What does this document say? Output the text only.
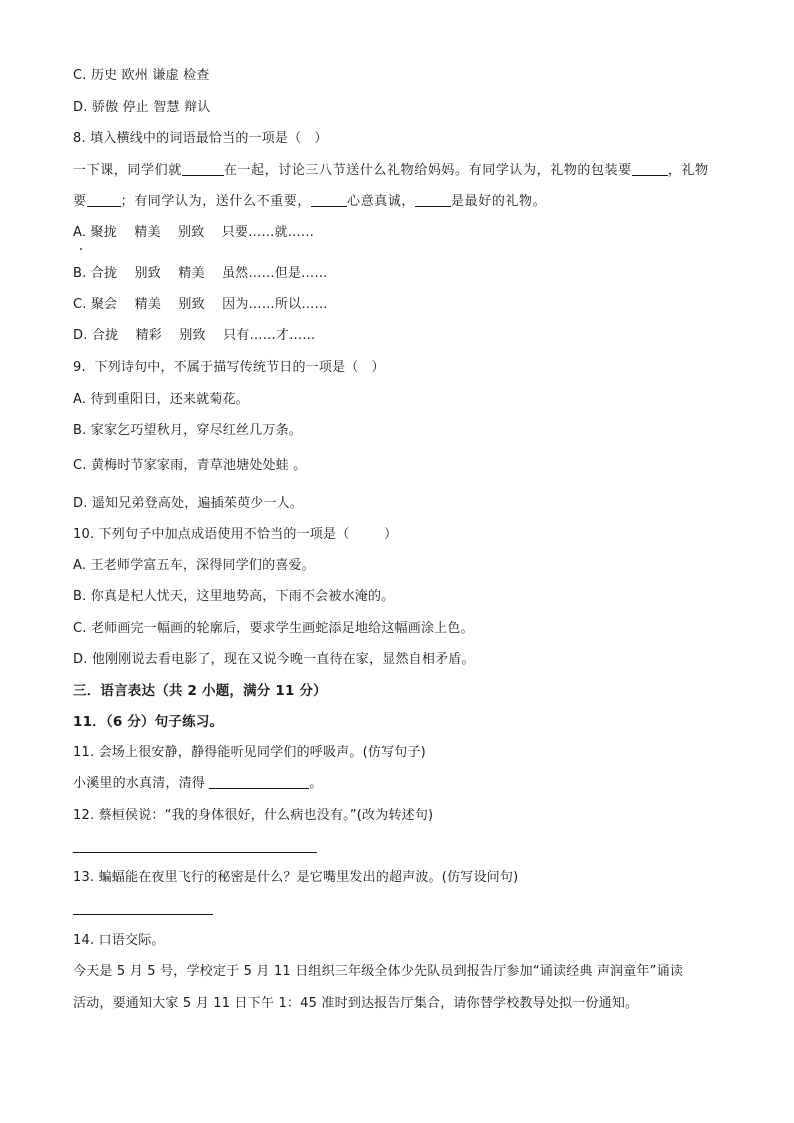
C. 历史 欧州 谦虚 检查
D. 骄傲 停止 智慧 辩认
8. 填入横线中的词语最恰当的一项是（   ）
一下课，同学们就	在一起，讨论三八节送什么礼物给妈妈。有同学认为，礼物的包装要	，礼物
要	；有同学认为，送什么不重要，	心意真诚，	是最好的礼物。
A. 聚拢    精美    别致    只要……就……
B. 合拢    别致    精美    虽然……但是……
C. 聚会    精美    别致    因为……所以……
D. 合拢    精彩    别致    只有……才……
9.  下列诗句中，不属于描写传统节日的一项是（   ）
A. 待到重阳日，还来就菊花。
B. 家家乞巧望秋月，穿尽红丝几万条。
C. 黄梅时节家家雨，青草池塘处处蛙 。
D. 遥知兄弟登高处，遍插茱萸少一人。
10. 下列句子中加点成语使用不恰当的一项是（        ）
A. 王老师学富五车，深得同学们的喜爱。
B. 你真是杞人忧天，这里地势高，下雨不会被水淹的。
C. 老师画完一幅画的轮廓后，要求学生画蛇添足地给这幅画涂上色。
D. 他刚刚说去看电影了，现在又说今晚一直待在家，显然自相矛盾。
三．语言表达（共 2 小题，满分 11 分）
11．（6 分）句子练习。
11. 会场上很安静，静得能听见同学们的呼吸声。(仿写句子)
小溪里的水真清，清得	。
12. 蔡桓侯说：“我的身体很好，什么病也没有。”(改为转述句)
13. 蝙蝠能在夜里飞行的秘密是什么？是它嘴里发出的超声波。(仿写设问句)
14. 口语交际。
今天是 5 月 5 号，学校定于 5 月 11 日组织三年级全体少先队员到报告厅参加“诵读经典 声润童年”诵读
活动，要通知大家 5 月 11 日下午 1：45 准时到达报告厅集合，请你替学校教导处拟一份通知。
